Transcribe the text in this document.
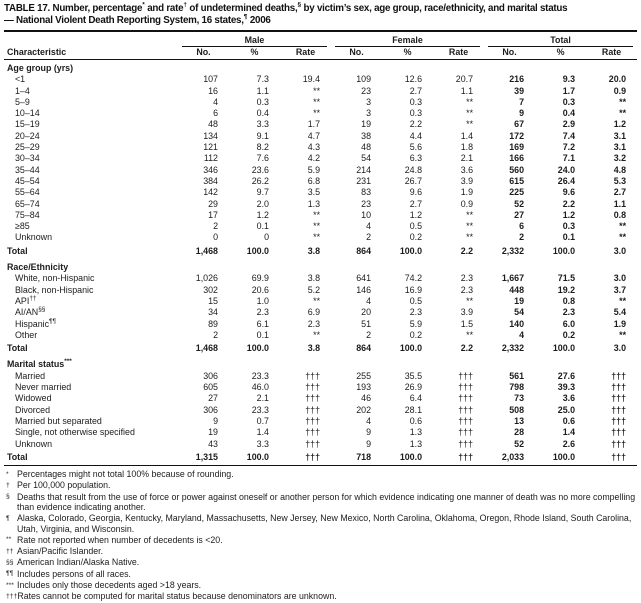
TABLE 17. Number, percentage* and rate† of undetermined deaths,§ by victim’s sex, age group, race/ethnicity, and marital status
— National Violent Death Reporting System, 16 states,¶ 2006
Characteristic	Male			Female			Total		

	No.	%	Rate	No.	%	Rate	No.	%	Rate
Age group (yrs)									
<1	107	7.3	19.4	109	12.6	20.7	216	9.3	20.0
1–4	16	1.1	**	23	2.7	1.1	39	1.7	0.9
5–9	4	0.3	**	3	0.3	**	7	0.3	**
10–14	6	0.4	**	3	0.3	**	9	0.4	**
15–19	48	3.3	1.7	19	2.2	**	67	2.9	1.2
20–24	134	9.1	4.7	38	4.4	1.4	172	7.4	3.1
25–29	121	8.2	4.3	48	5.6	1.8	169	7.2	3.1
30–34	112	7.6	4.2	54	6.3	2.1	166	7.1	3.2
35–44	346	23.6	5.9	214	24.8	3.6	560	24.0	4.8
45–54	384	26.2	6.8	231	26.7	3.9	615	26.4	5.3
55–64	142	9.7	3.5	83	9.6	1.9	225	9.6	2.7
65–74	29	2.0	1.3	23	2.7	0.9	52	2.2	1.1
75–84	17	1.2	**	10	1.2	**	27	1.2	0.8
≥85	2	0.1	**	4	0.5	**	6	0.3	**
Unknown	0	0	**	2	0.2	**	2	0.1	**
Total	1,468	100.0	3.8	864	100.0	2.2	2,332	100.0	3.0
Race/Ethnicity									
White, non-Hispanic	1,026	69.9	3.8	641	74.2	2.3	1,667	71.5	3.0
Black, non-Hispanic	302	20.6	5.2	146	16.9	2.3	448	19.2	3.7
API††	15	1.0	**	4	0.5	**	19	0.8	**
AI/AN§§	34	2.3	6.9	20	2.3	3.9	54	2.3	5.4
Hispanic¶¶	89	6.1	2.3	51	5.9	1.5	140	6.0	1.9
Other	2	0.1	**	2	0.2	**	4	0.2	**
Total	1,468	100.0	3.8	864	100.0	2.2	2,332	100.0	3.0
Marital status***
Married	306	23.3	†††	255	35.5	†††	561	27.6	†††
Never married	605	46.0	†††	193	26.9	†††	798	39.3	†††
Widowed	27	2.1	†††	46	6.4	†††	73	3.6	†††
Divorced	306	23.3	†††	202	28.1	†††	508	25.0	†††
Married but separated	9	0.7	†††	4	0.6	†††	13	0.6	†††
Single, not otherwise specified	19	1.4	†††	9	1.3	†††	28	1.4	†††
Unknown	43	3.3	†††	9	1.3	†††	52	2.6	†††
Total	1,315	100.0	†††	718	100.0	†††	2,033	100.0	†††
* Percentages might not total 100% because of rounding.
† Per 100,000 population.
§ Deaths that result from the use of force or power against oneself or another person for which evidence indicating one manner of death was no more compelling than evidence indicating another.
¶ Alaska, Colorado, Georgia, Kentucky, Maryland, Massachusetts, New Jersey, New Mexico, North Carolina, Oklahoma, Oregon, Rhode Island, South Carolina, Utah, Virginia, and Wisconsin.
** Rate not reported when number of decedents is <20.
†† Asian/Pacific Islander.
§§ American Indian/Alaska Native.
¶¶ Includes persons of all races.
*** Includes only those decedents aged >18 years.
††† Rates cannot be computed for marital status because denominators are unknown.
